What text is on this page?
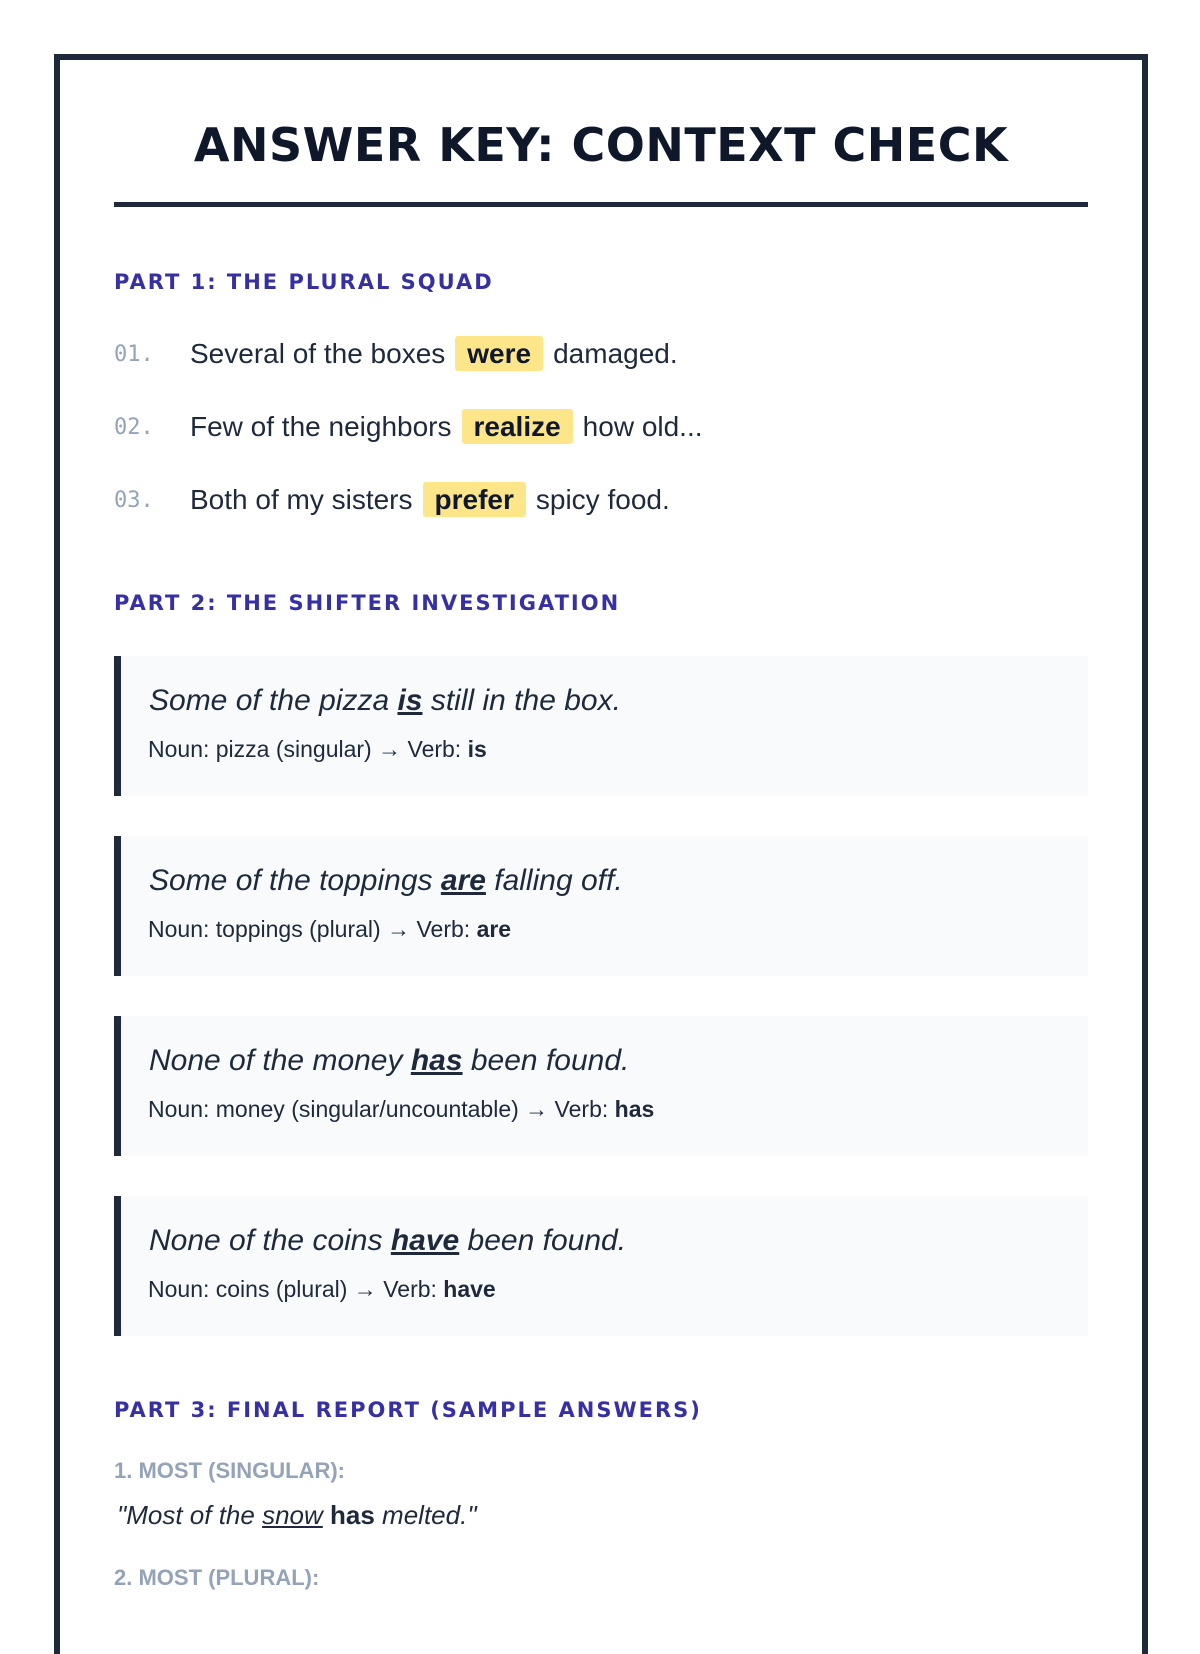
ANSWER KEY: CONTEXT CHECK
PART 1: THE PLURAL SQUAD
01.	Several of the boxes were damaged.
02.	Few of the neighbors realize how old...
03.	Both of my sisters prefer spicy food.
PART 2: THE SHIFTER INVESTIGATION
Some of the pizza is still in the box.
Noun: pizza (singular) → Verb: is
Some of the toppings are falling off.
Noun: toppings (plural) → Verb: are
None of the money has been found.
Noun: money (singular/uncountable) → Verb: has
None of the coins have been found.
Noun: coins (plural) → Verb: have
PART 3: FINAL REPORT (SAMPLE ANSWERS)
1. MOST (SINGULAR):
"Most of the snow has melted."
2. MOST (PLURAL):
